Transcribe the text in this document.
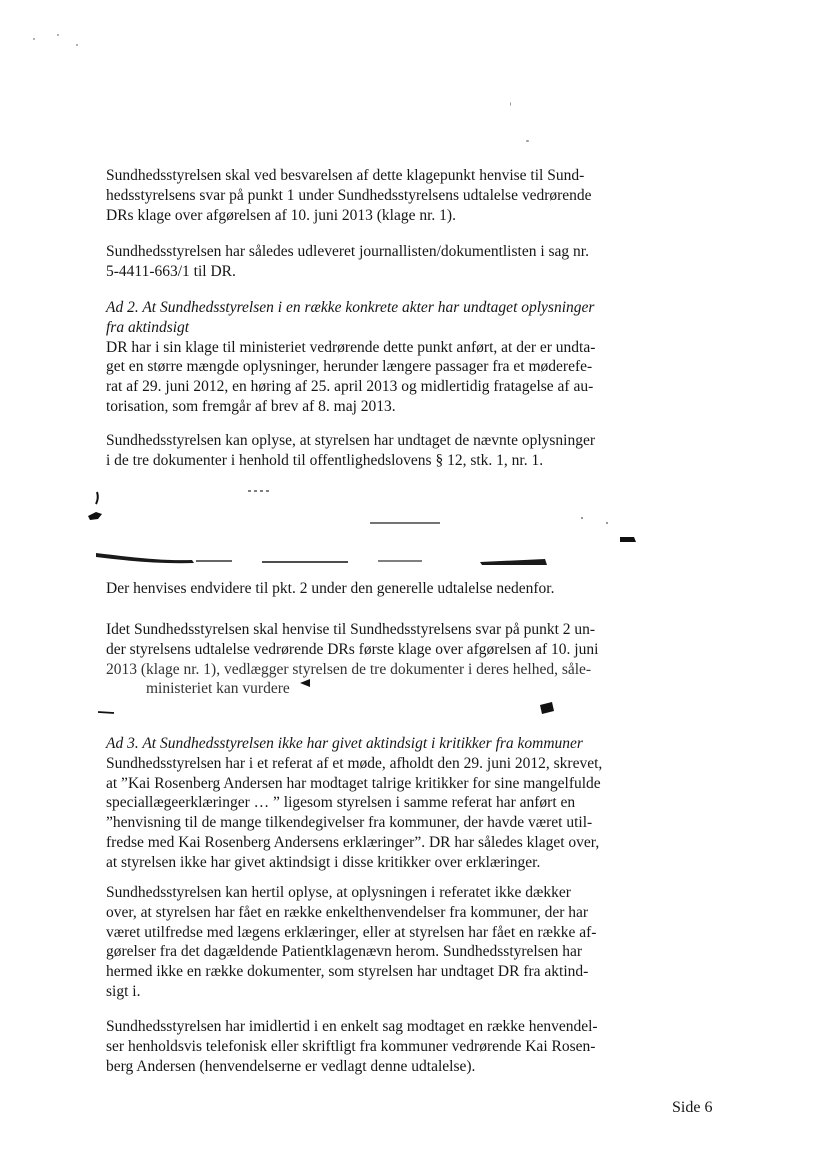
Sundhedsstyrelsen skal ved besvarelsen af dette klagepunkt henvise til Sund-
hedsstyrelsens svar på punkt 1 under Sundhedsstyrelsens udtalelse vedrørende
DRs klage over afgørelsen af 10. juni 2013 (klage nr. 1).
Sundhedsstyrelsen har således udleveret journallisten/dokumentlisten i sag nr.
5-4411-663/1 til DR.
Ad 2. At Sundhedsstyrelsen i en række konkrete akter har undtaget oplysninger
fra aktindsigt
DR har i sin klage til ministeriet vedrørende dette punkt anført, at der er undta-
get en større mængde oplysninger, herunder længere passager fra et møderefe-
rat af 29. juni 2012, en høring af 25. april 2013 og midlertidig fratagelse af au-
torisation, som fremgår af brev af 8. maj 2013.
Sundhedsstyrelsen kan oplyse, at styrelsen har undtaget de nævnte oplysninger
i de tre dokumenter i henhold til offentlighedslovens § 12, stk. 1, nr. 1.
Der henvises endvidere til pkt. 2 under den generelle udtalelse nedenfor.
Idet Sundhedsstyrelsen skal henvise til Sundhedsstyrelsens svar på punkt 2 un-
der styrelsens udtalelse vedrørende DRs første klage over afgørelsen af 10. juni
2013 (klage nr. 1), vedlægger styrelsen de tre dokumenter i deres helhed, såle-
ministeriet kan vurdere
Ad 3. At Sundhedsstyrelsen ikke har givet aktindsigt i kritikker fra kommuner
Sundhedsstyrelsen har i et referat af et møde, afholdt den 29. juni 2012, skrevet,
at ”Kai Rosenberg Andersen har modtaget talrige kritikker for sine mangelfulde
speciallægeerklæringer … ” ligesom styrelsen i samme referat har anført en
”henvisning til de mange tilkendegivelser fra kommuner, der havde været util-
fredse med Kai Rosenberg Andersens erklæringer”. DR har således klaget over,
at styrelsen ikke har givet aktindsigt i disse kritikker over erklæringer.
Sundhedsstyrelsen kan hertil oplyse, at oplysningen i referatet ikke dækker
over, at styrelsen har fået en række enkelthenvendelser fra kommuner, der har
været utilfredse med lægens erklæringer, eller at styrelsen har fået en række af-
gørelser fra det dagældende Patientklagenævn herom. Sundhedsstyrelsen har
hermed ikke en række dokumenter, som styrelsen har undtaget DR fra aktind-
sigt i.
Sundhedsstyrelsen har imidlertid i en enkelt sag modtaget en række henvendel-
ser henholdsvis telefonisk eller skriftligt fra kommuner vedrørende Kai Rosen-
berg Andersen (henvendelserne er vedlagt denne udtalelse).
Side 6
